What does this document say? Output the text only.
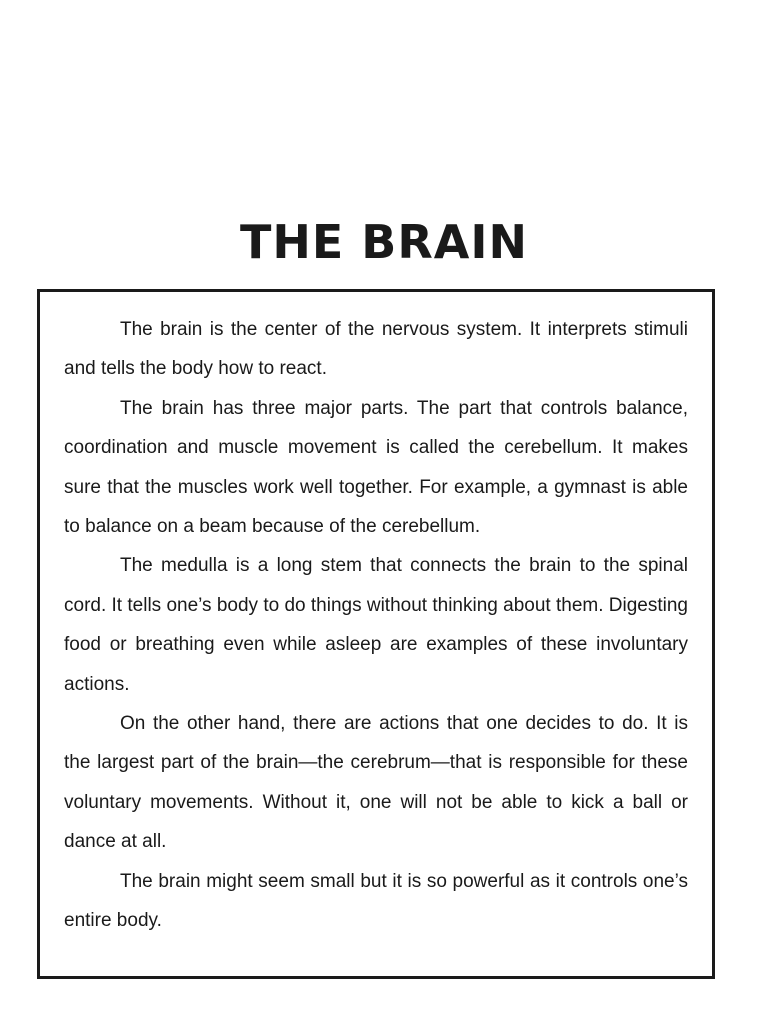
THE BRAIN

The brain is the center of the nervous system. It interprets stimuli and tells the body how to react.

The brain has three major parts. The part that controls balance, coordination and muscle movement is called the cerebellum. It makes sure that the muscles work well together. For example, a gymnast is able to balance on a beam because of the cerebellum.

The medulla is a long stem that connects the brain to the spinal cord. It tells one’s body to do things without thinking about them. Digesting food or breathing even while asleep are examples of these involuntary actions.

On the other hand, there are actions that one decides to do. It is the largest part of the brain—the cerebrum—that is responsible for these voluntary movements. Without it, one will not be able to kick a ball or dance at all.

The brain might seem small but it is so powerful as it controls one’s entire body.
